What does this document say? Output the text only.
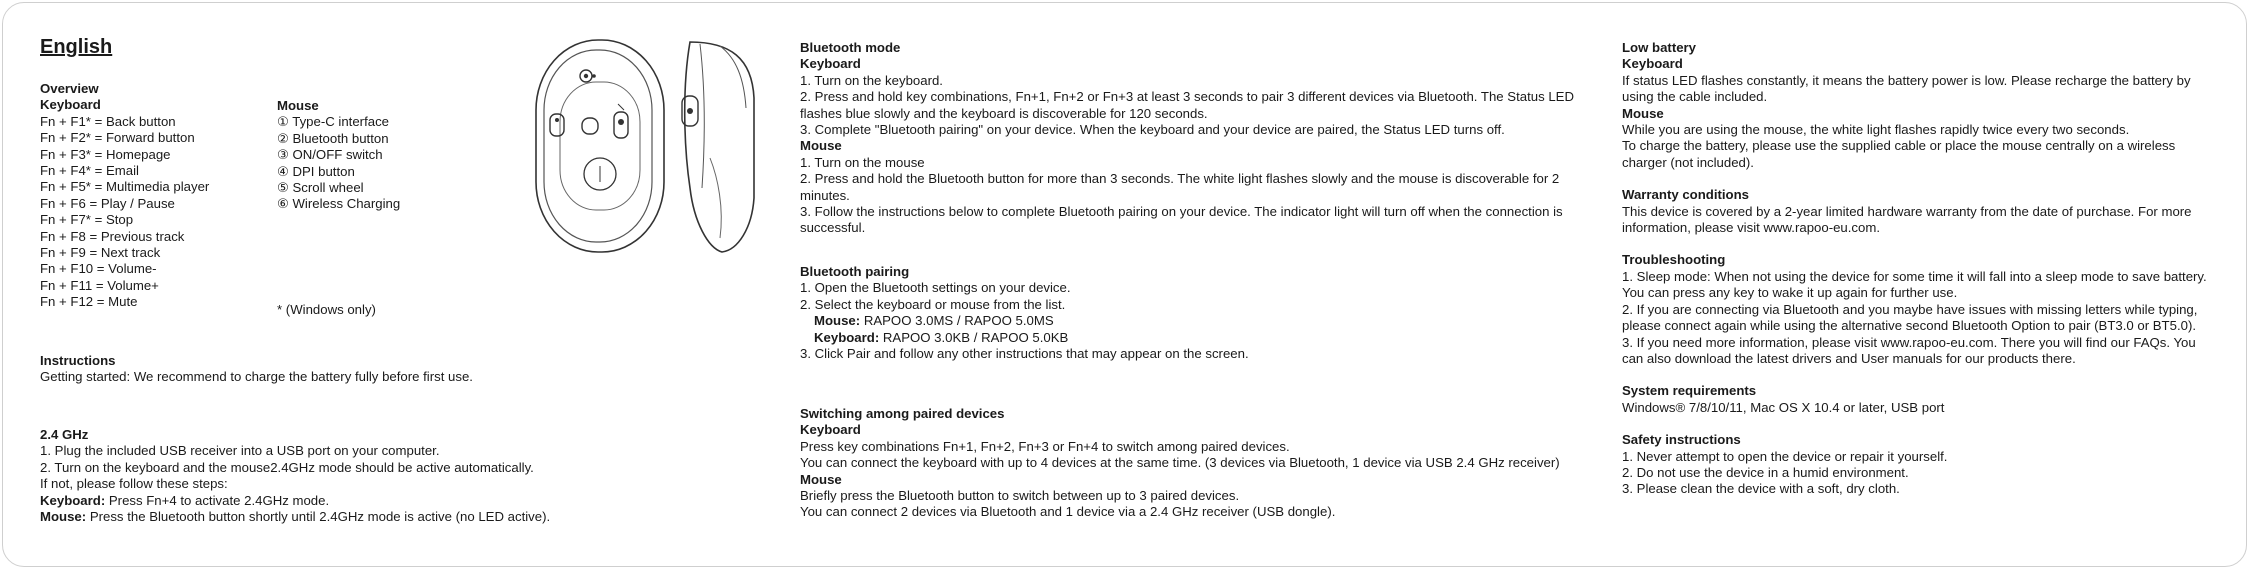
English
Overview
Keyboard
Fn + F1* = Back button
Fn + F2* = Forward button
Fn + F3* = Homepage
Fn + F4* = Email
Fn + F5* = Multimedia player
Fn + F6 = Play / Pause
Fn + F7* = Stop
Fn + F8 = Previous track
Fn + F9 = Next track
Fn + F10 = Volume-
Fn + F11 = Volume+
Fn + F12 = Mute
Mouse
① Type-C interface
② Bluetooth button
③ ON/OFF switch
④ DPI button
⑤ Scroll wheel
⑥ Wireless Charging
* (Windows only)
Instructions
Getting started: We recommend to charge the battery fully before first use.
2.4 GHz
1. Plug the included USB receiver into a USB port on your computer.
2. Turn on the keyboard and the mouse2.4GHz mode should be active automatically.
If not, please follow these steps:
Keyboard: Press Fn+4 to activate 2.4GHz mode.
Mouse: Press the Bluetooth button shortly until 2.4GHz mode is active (no LED active).
Bluetooth mode
Keyboard
1. Turn on the keyboard.
2. Press and hold key combinations, Fn+1, Fn+2 or Fn+3 at least 3 seconds to pair 3 different devices via Bluetooth. The Status LED flashes blue slowly and the keyboard is discoverable for 120 seconds.
3. Complete "Bluetooth pairing" on your device. When the keyboard and your device are paired, the Status LED turns off.
Mouse
1. Turn on the mouse
2. Press and hold the Bluetooth button for more than 3 seconds. The white light flashes slowly and the mouse is discoverable for 2 minutes.
3. Follow the instructions below to complete Bluetooth pairing on your device. The indicator light will turn off when the connection is successful.
Bluetooth pairing
1. Open the Bluetooth settings on your device.
2. Select the keyboard or mouse from the list.
Mouse: RAPOO 3.0MS / RAPOO 5.0MS
Keyboard: RAPOO 3.0KB / RAPOO 5.0KB
3. Click Pair and follow any other instructions that may appear on the screen.
Switching among paired devices
Keyboard
Press key combinations Fn+1, Fn+2, Fn+3 or Fn+4 to switch among paired devices.
You can connect the keyboard with up to 4 devices at the same time. (3 devices via Bluetooth, 1 device via USB 2.4 GHz receiver)
Mouse
Briefly press the Bluetooth button to switch between up to 3 paired devices.
You can connect 2 devices via Bluetooth and 1 device via a 2.4 GHz receiver (USB dongle).
Low battery
Keyboard
If status LED flashes constantly, it means the battery power is low. Please recharge the battery by using the cable included.
Mouse
While you are using the mouse, the white light flashes rapidly twice every two seconds.
To charge the battery, please use the supplied cable or place the mouse centrally on a wireless charger (not included).
Warranty conditions
This device is covered by a 2-year limited hardware warranty from the date of purchase. For more information, please visit www.rapoo-eu.com.
Troubleshooting
1. Sleep mode: When not using the device for some time it will fall into a sleep mode to save battery. You can press any key to wake it up again for further use.
2. If you are connecting via Bluetooth and you maybe have issues with missing letters while typing, please connect again while using the alternative second Bluetooth Option to pair (BT3.0 or BT5.0).
3. If you need more information, please visit www.rapoo-eu.com. There you will find our FAQs. You can also download the latest drivers and User manuals for our products there.
System requirements
Windows® 7/8/10/11, Mac OS X 10.4 or later, USB port
Safety instructions
1. Never attempt to open the device or repair it yourself.
2. Do not use the device in a humid environment.
3. Please clean the device with a soft, dry cloth.
